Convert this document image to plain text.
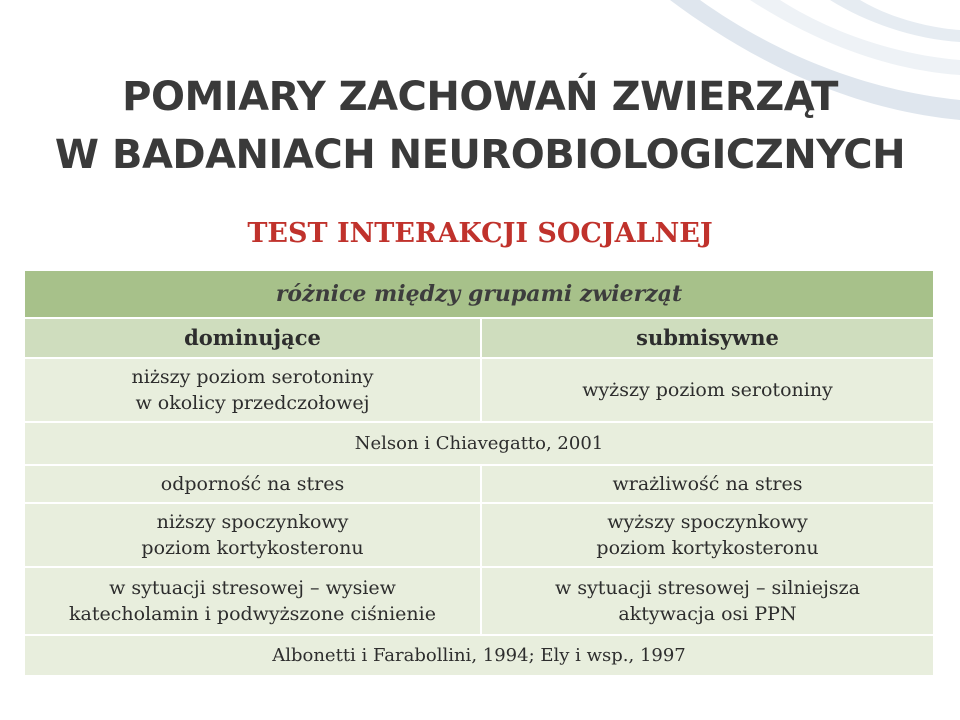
POMIARY ZACHOWAŃ ZWIERZĄT
W BADANIACH NEUROBIOLOGICZNYCH
TEST INTERAKCJI SOCJALNEJ
różnice między grupami zwierząt
dominujące	submisywne
niższy poziom serotoniny
w okolicy przedczołowej
wyższy poziom serotoniny
Nelson i Chiavegatto, 2001
odporność na stres	wrażliwość na stres
niższy spoczynkowy
poziom kortykosteronu
wyższy spoczynkowy
poziom kortykosteronu
w sytuacji stresowej – wysiew
katecholamin i podwyższone ciśnienie
w sytuacji stresowej – silniejsza
aktywacja osi PPN
Albonetti i Farabollini, 1994; Ely i wsp., 1997
